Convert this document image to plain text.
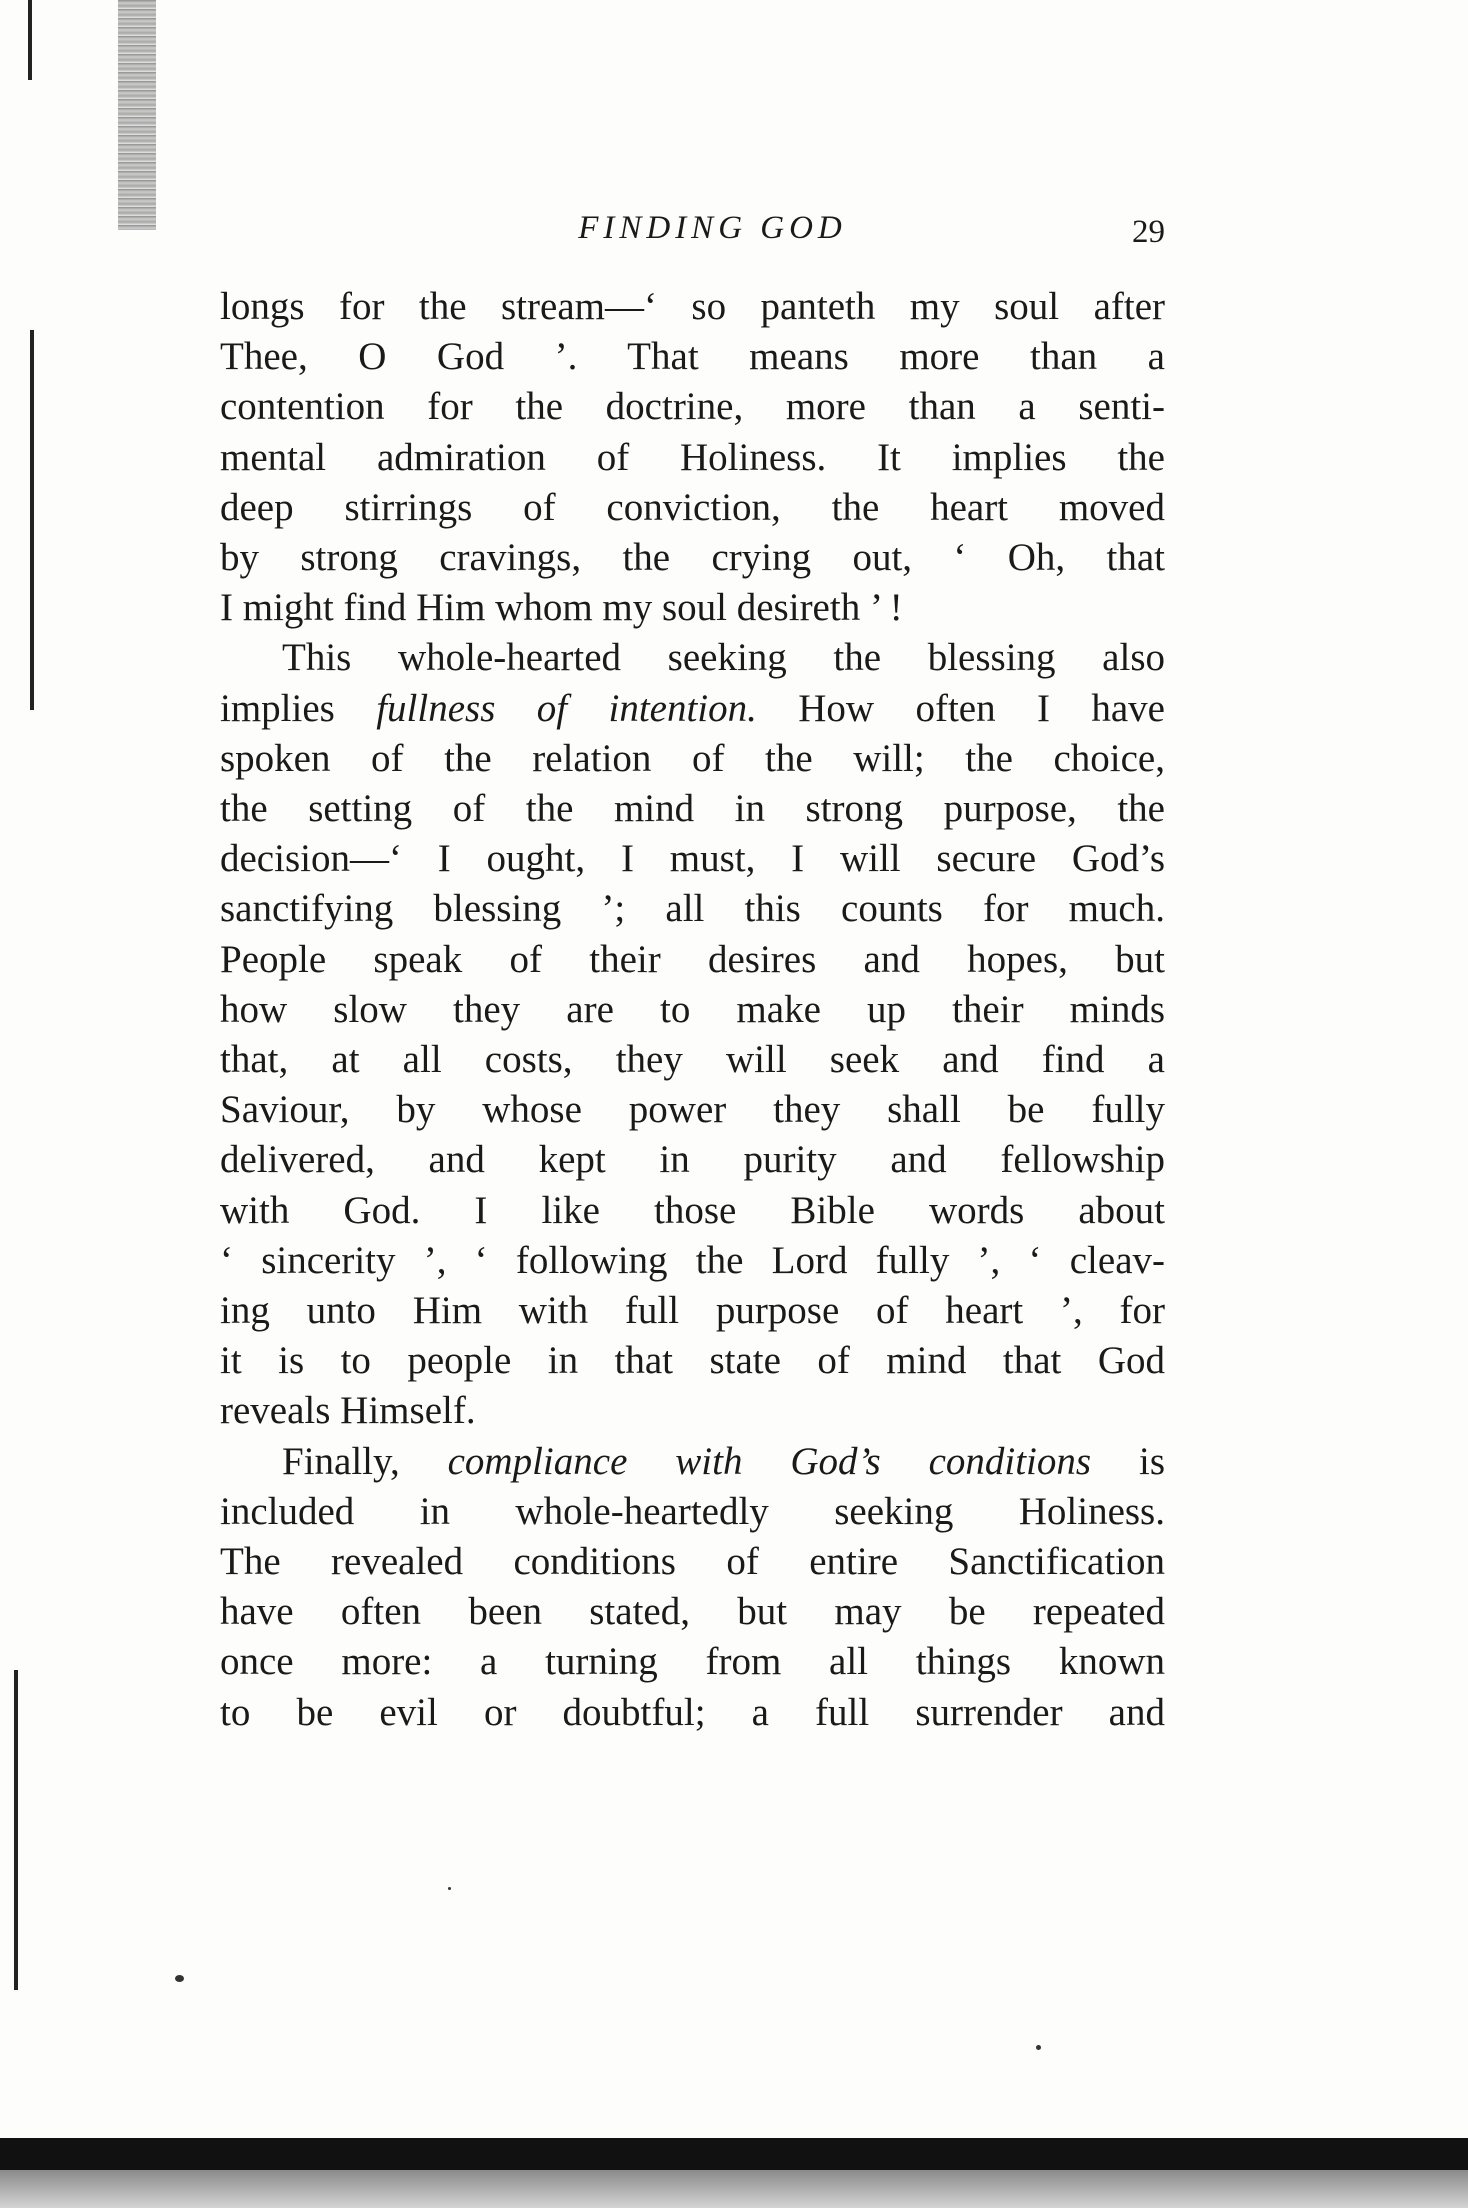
FINDING GOD	29

longs for the stream—‘ so panteth my soul after
Thee, O God ’. That means more than a
contention for the doctrine, more than a senti-
mental admiration of Holiness. It implies the
deep stirrings of conviction, the heart moved
by strong cravings, the crying out, ‘ Oh, that
I might find Him whom my soul desireth ’ !

This whole-hearted seeking the blessing also
implies fullness of intention. How often I have
spoken of the relation of the will; the choice,
the setting of the mind in strong purpose, the
decision—‘ I ought, I must, I will secure God’s
sanctifying blessing ’; all this counts for much.
People speak of their desires and hopes, but
how slow they are to make up their minds
that, at all costs, they will seek and find a
Saviour, by whose power they shall be fully
delivered, and kept in purity and fellowship
with God. I like those Bible words about
‘ sincerity ’, ‘ following the Lord fully ’, ‘ cleav-
ing unto Him with full purpose of heart ’, for
it is to people in that state of mind that God
reveals Himself.

Finally, compliance with God’s conditions is
included in whole-heartedly seeking Holiness.
The revealed conditions of entire Sanctification
have often been stated, but may be repeated
once more: a turning from all things known
to be evil or doubtful; a full surrender and
